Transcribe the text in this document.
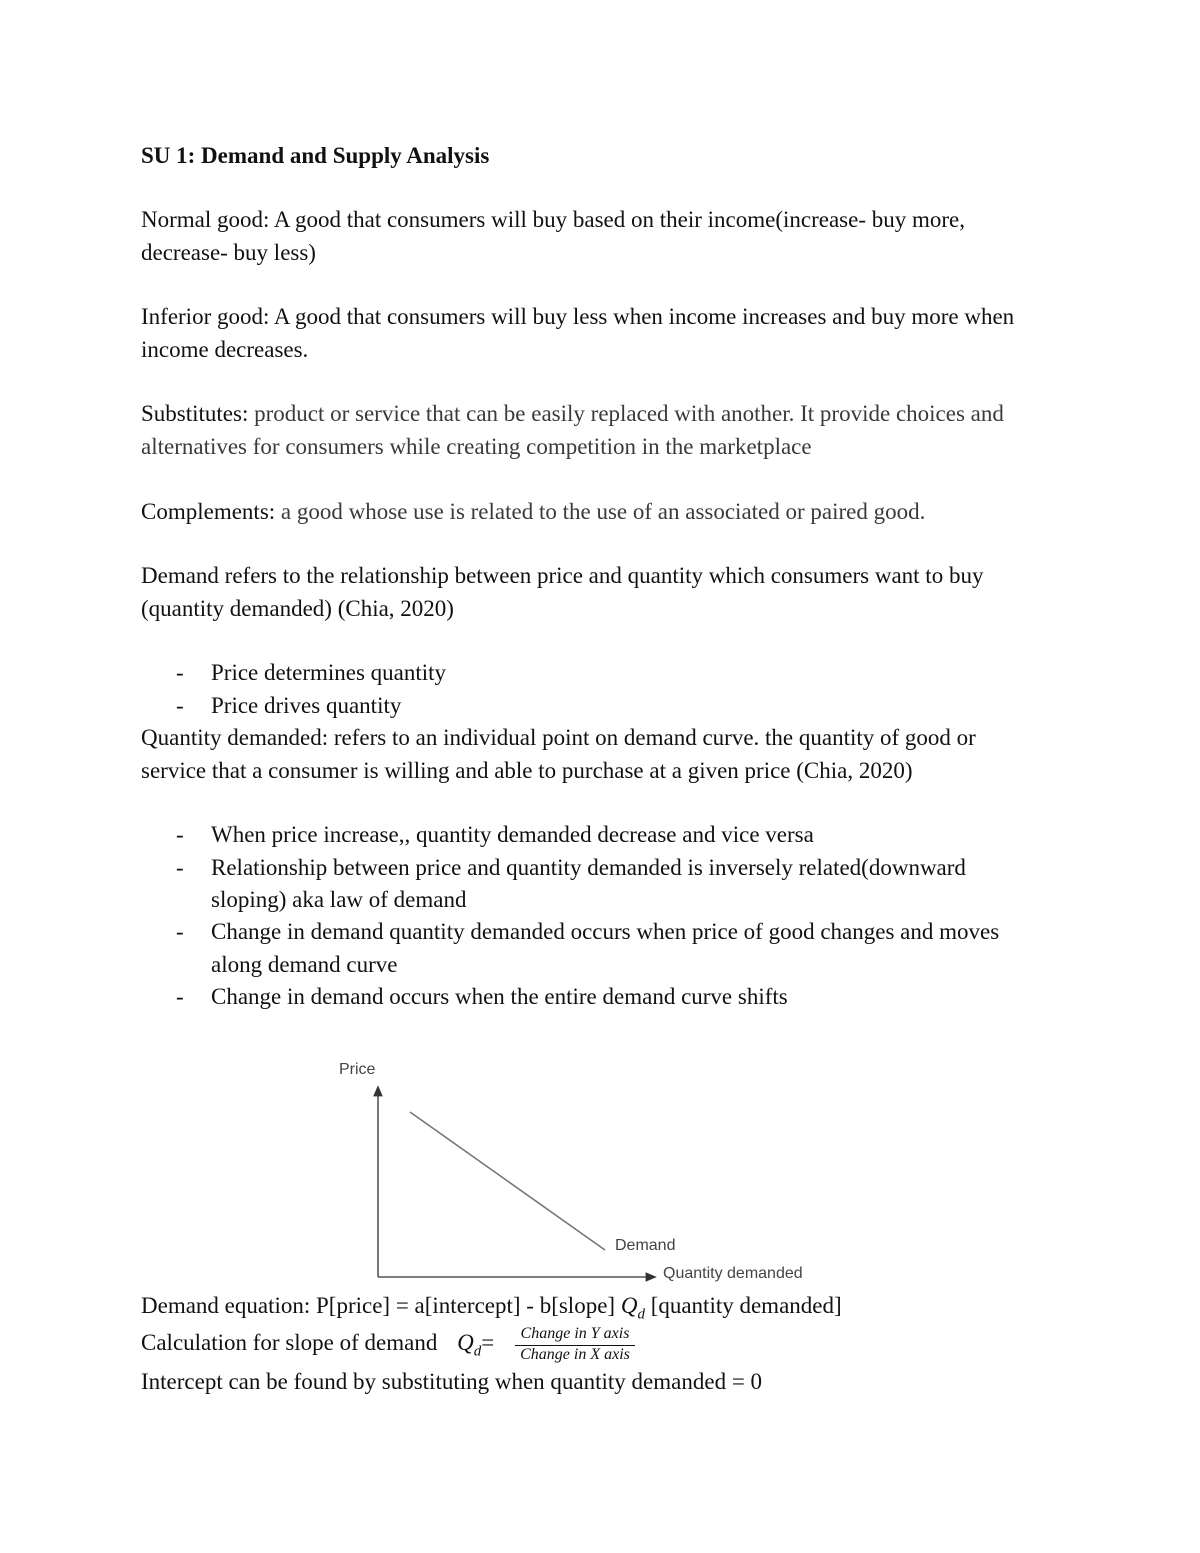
SU 1: Demand and Supply Analysis
Normal good: A good that consumers will buy based on their income(increase- buy more,
decrease- buy less)
Inferior good: A good that consumers will buy less when income increases and buy more when
income decreases.
Substitutes: product or service that can be easily replaced with another. It provide choices and
alternatives for consumers while creating competition in the marketplace
Complements: a good whose use is related to the use of an associated or paired good.
Demand refers to the relationship between price and quantity which consumers want to buy
(quantity demanded) (Chia, 2020)
- Price determines quantity
- Price drives quantity
Quantity demanded: refers to an individual point on demand curve. the quantity of good or
service that a consumer is willing and able to purchase at a given price (Chia, 2020)
- When price increase,, quantity demanded decrease and vice versa
- Relationship between price and quantity demanded is inversely related(downward
sloping) aka law of demand
- Change in demand quantity demanded occurs when price of good changes and moves
along demand curve
- Change in demand occurs when the entire demand curve shifts
Price
Quantity demanded
Demand
Demand equation: P[price] = a[intercept] - b[slope] $Q_d$ [quantity demanded]
Calculation for slope of demand $Q_d=$	Change in Y axis
Change in X axis
Intercept can be found by substituting when quantity demanded = 0
